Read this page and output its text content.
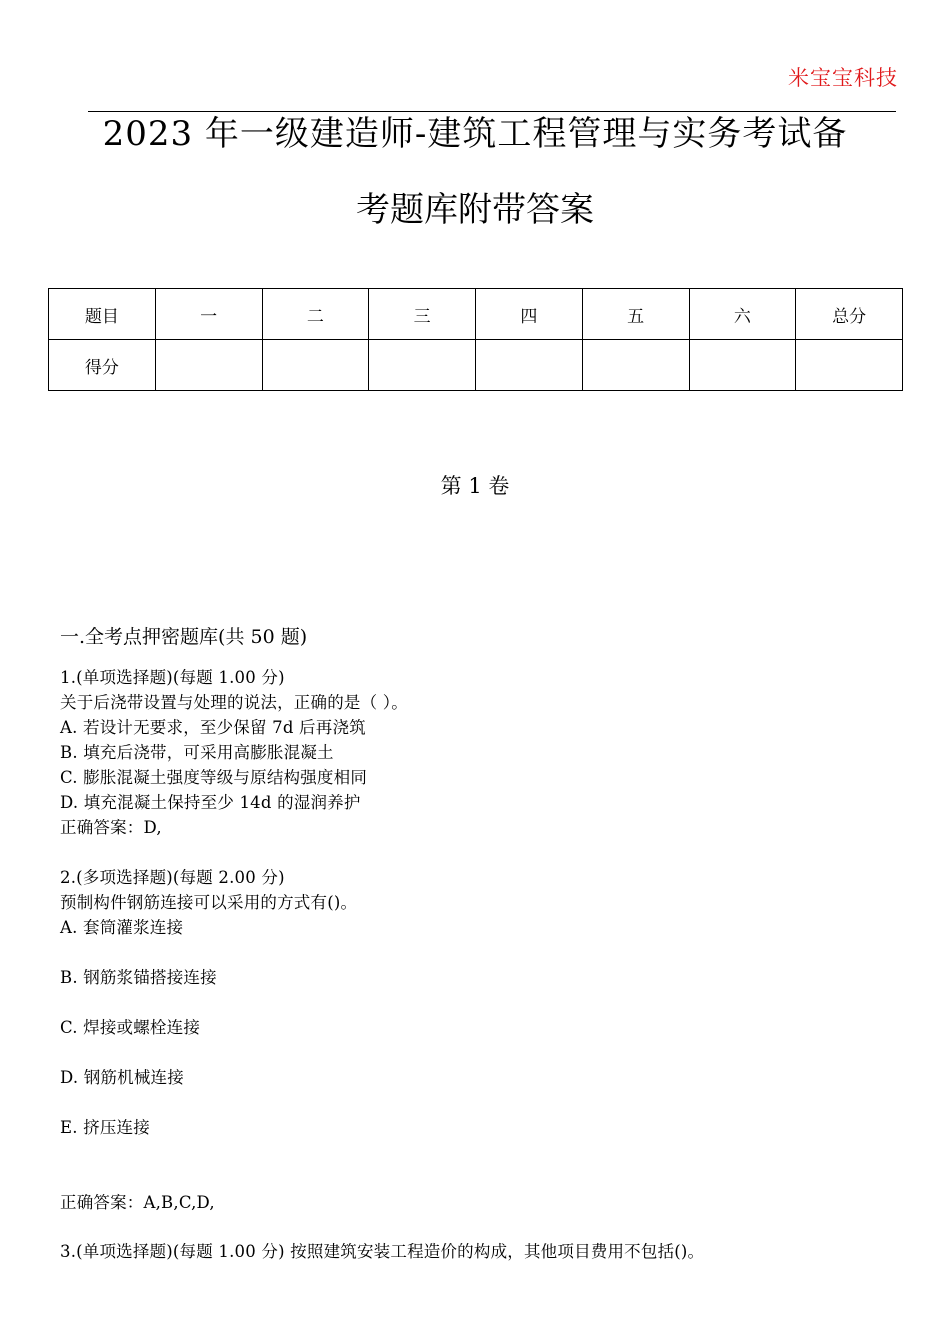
米宝宝科技
2023 年一级建造师-建筑工程管理与实务考试备
考题库附带答案
题目	一	二	三	四	五	六	总分
得分							
第 1 卷
一.全考点押密题库(共 50 题)
1.(单项选择题)(每题 1.00 分)
关于后浇带设置与处理的说法，正确的是（ ）。
A. 若设计无要求，至少保留 7d 后再浇筑
B. 填充后浇带，可采用高膨胀混凝土
C. 膨胀混凝土强度等级与原结构强度相同
D. 填充混凝土保持至少 14d 的湿润养护
正确答案：D,
2.(多项选择题)(每题 2.00 分)
预制构件钢筋连接可以采用的方式有()。
A. 套筒灌浆连接
B. 钢筋浆锚搭接连接
C. 焊接或螺栓连接
D. 钢筋机械连接
E. 挤压连接
正确答案：A,B,C,D,
3.(单项选择题)(每题 1.00 分) 按照建筑安装工程造价的构成，其他项目费用不包括()。
